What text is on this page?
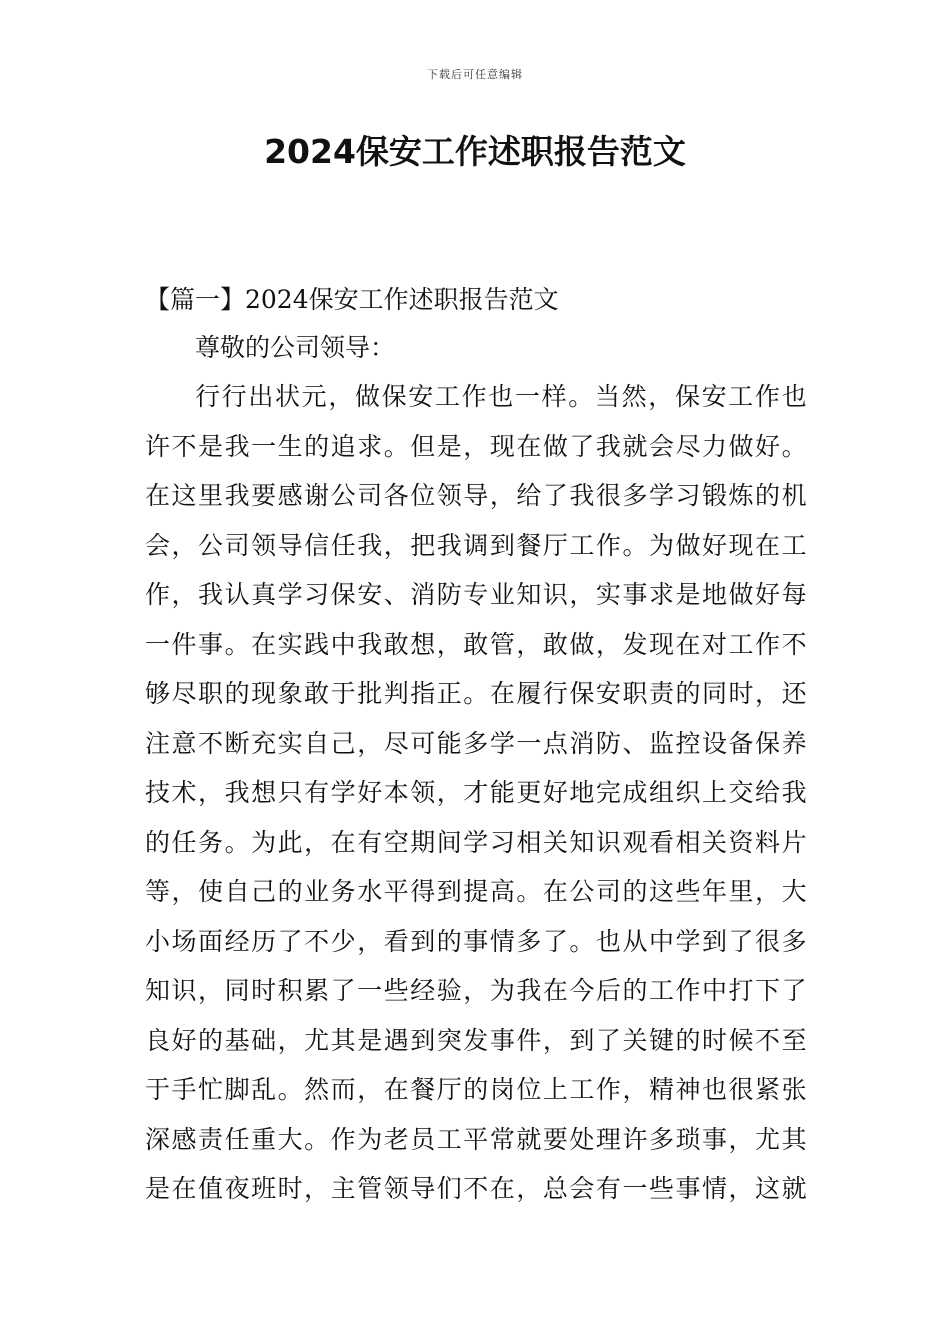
下载后可任意编辑
2024保安工作述职报告范文

【篇一】2024保安工作述职报告范文

尊敬的公司领导：

行行出状元，做保安工作也一样。当然，保安工作也
许不是我一生的追求。但是，现在做了我就会尽力做好。
在这里我要感谢公司各位领导，给了我很多学习锻炼的机
会，公司领导信任我，把我调到餐厅工作。为做好现在工
作，我认真学习保安、消防专业知识，实事求是地做好每
一件事。在实践中我敢想，敢管，敢做，发现在对工作不
够尽职的现象敢于批判指正。在履行保安职责的同时，还
注意不断充实自己，尽可能多学一点消防、监控设备保养
技术，我想只有学好本领，才能更好地完成组织上交给我
的任务。为此，在有空期间学习相关知识观看相关资料片
等，使自己的业务水平得到提高。在公司的这些年里，大
小场面经历了不少，看到的事情多了。也从中学到了很多
知识，同时积累了一些经验，为我在今后的工作中打下了
良好的基础，尤其是遇到突发事件，到了关键的时候不至
于手忙脚乱。然而，在餐厅的岗位上工作，精神也很紧张
深感责任重大。作为老员工平常就要处理许多琐事，尤其
是在值夜班时，主管领导们不在，总会有一些事情，这就
